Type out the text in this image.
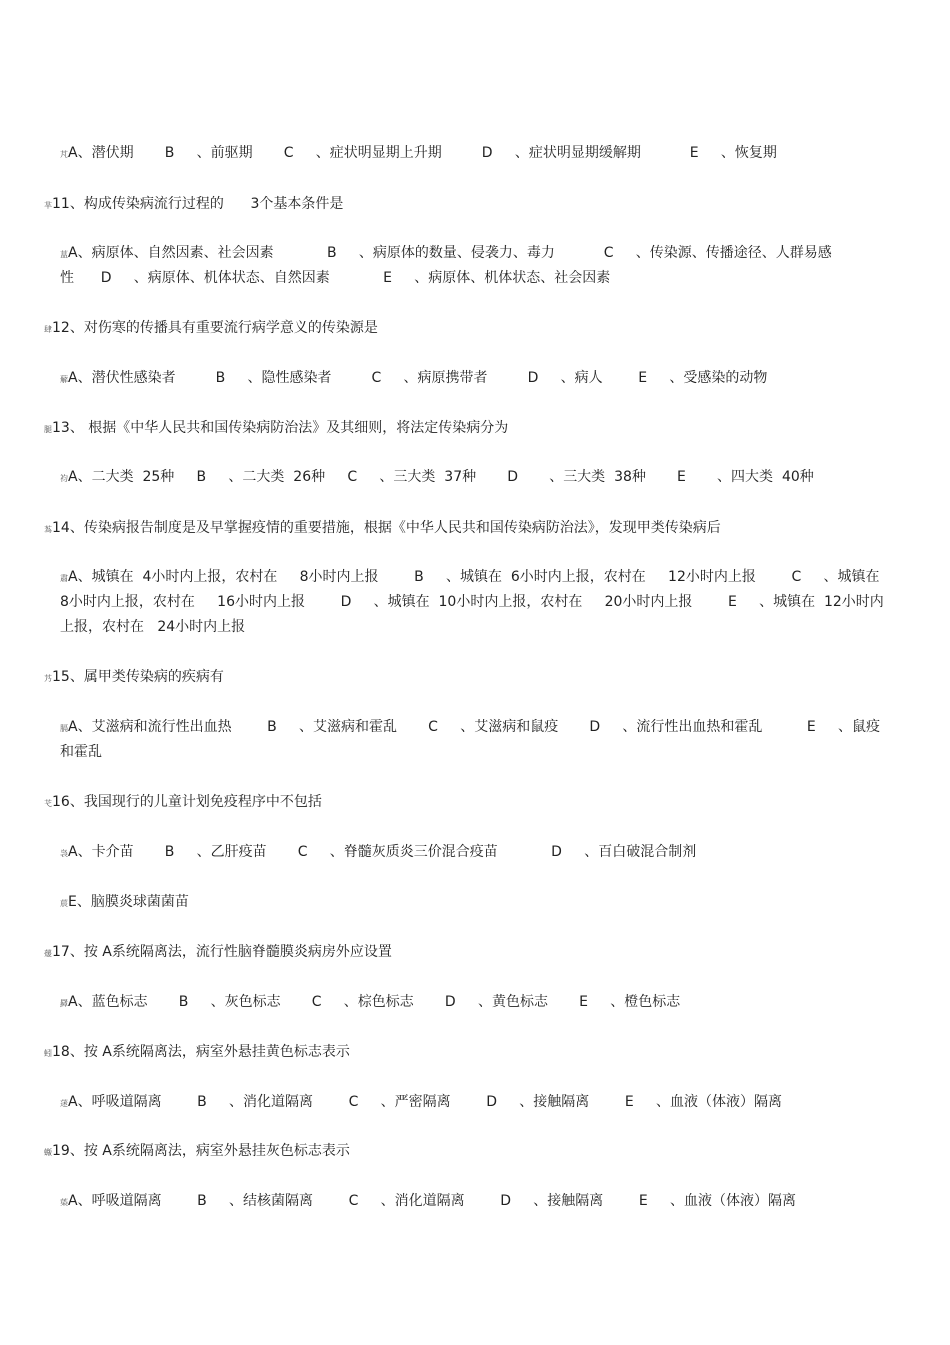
芃A、潜伏期       B     、前驱期       C     、症状明显期上升期         D     、症状明显期缓解期           E     、恢复期
芈11、构成传染病流行过程的      3个基本条件是
蒀A、病原体、自然因素、社会因素            B     、病原体的数量、侵袭力、毒力           C     、传染源、传播途径、人群易感
性      D     、病原体、机体状态、自然因素            E     、病原体、机体状态、社会因素
肆12、对伤寒的传播具有重要流行病学意义的传染源是
薢A、潜伏性感染者         B     、隐性感染者         C     、病原携带者         D     、病人        E     、受感染的动物
腿13、 根据《中华人民共和国传染病防治法》及其细则，将法定传染病分为
袀A、二大类  25种     B     、二大类  26种     C     、三大类  37种       D       、三大类  38种       E       、四大类  40种
蒍14、传染病报告制度是及早掌握疫情的重要措施，根据《中华人民共和国传染病防治法》，发现甲类传染病后
肅A、城镇在  4小时内上报，农村在     8小时内上报        B     、城镇在  6小时内上报，农村在     12小时内上报        C     、城镇在
8小时内上报，农村在     16小时内上报        D     、城镇在  10小时内上报，农村在     20小时内上报        E     、城镇在  12小时内
上报，农村在   24小时内上报
艿15、属甲类传染病的疾病有
膈A、艾滋病和流行性出血热        B     、艾滋病和霍乱       C     、艾滋病和鼠疫       D     、流行性出血热和霍乱          E     、鼠疫
和霍乱
芅16、我国现行的儿童计划免疫程序中不包括
袅A、卡介苗       B     、乙肝疫苗       C     、脊髓灰质炎三价混合疫苗            D     、百白破混合制剂
莀E、脑膜炎球菌菌苗
蕿17、按 A系统隔离法，流行性脑脊髓膜炎病房外应设置
羄A、蓝色标志       B     、灰色标志       C     、棕色标志       D     、黄色标志       E     、橙色标志
蚓18、按 A系统隔离法，病室外悬挂黄色标志表示
蒁A、呼吸道隔离        B     、消化道隔离        C     、严密隔离        D     、接触隔离        E     、血液（体液）隔离
蝂19、按 A系统隔离法，病室外悬挂灰色标志表示
蒅A、呼吸道隔离        B     、结核菌隔离        C     、消化道隔离        D     、接触隔离        E     、血液（体液）隔离
